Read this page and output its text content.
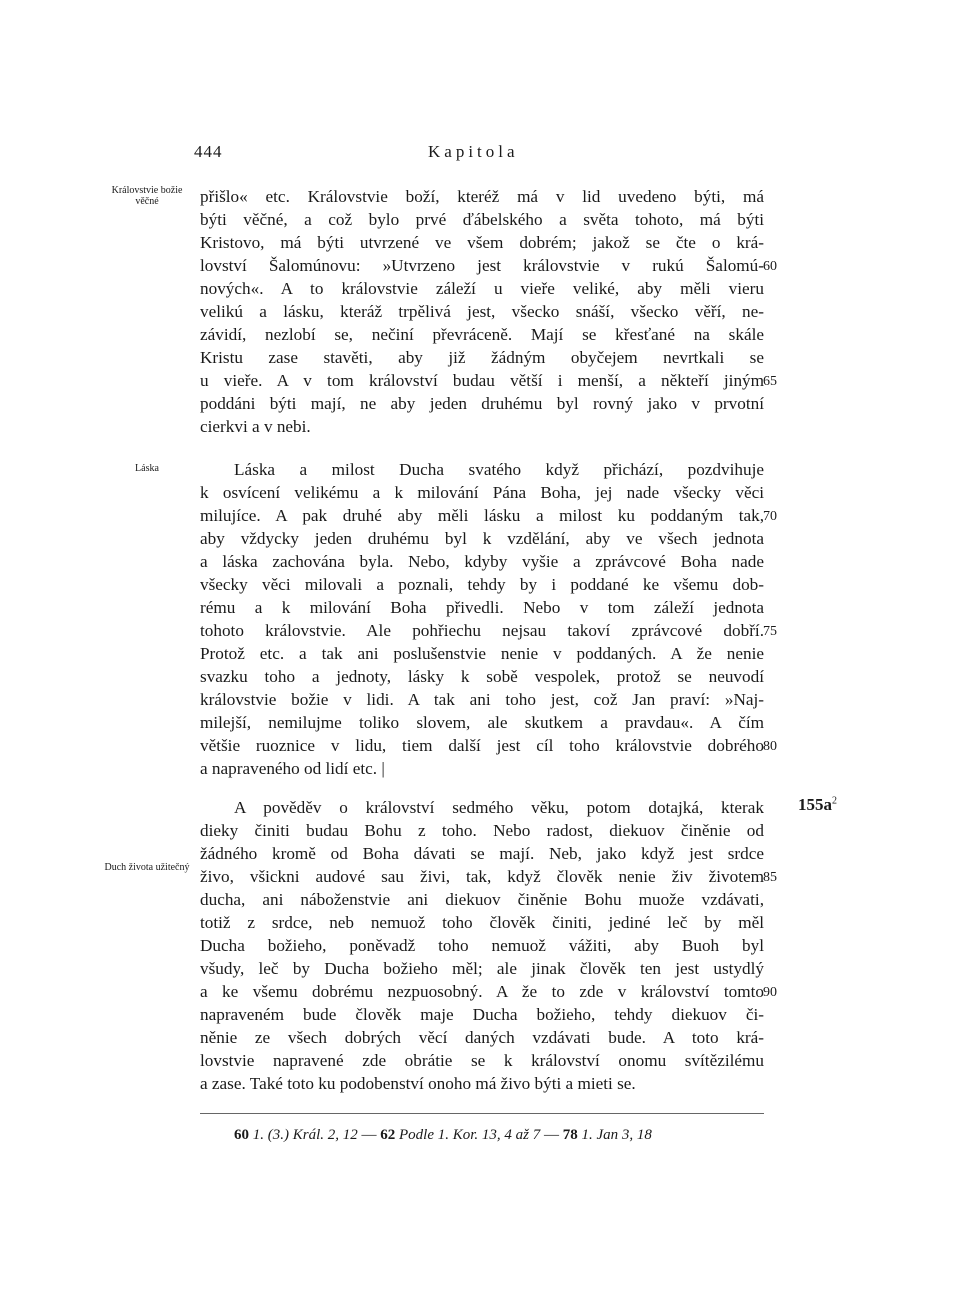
444	Kapitola
Královstvie božie věčné
Láska
Duch života užitečný
$155a^2$
přišlo« etc. Královstvie boží, kteréž má v lid uvedeno býti, má
býti věčné, a což bylo prvé ďábelského a světa tohoto, má býti
Kristovo, má býti utvrzené ve všem dobrém; jakož se čte o krá-
lovství Šalomúnovu: »Utvrzeno jest královstvie v rukú Šalomú-
nových«. A to královstvie záleží u vieře veliké, aby měli vieru
velikú a lásku, kteráž trpělivá jest, všecko snáší, všecko věří, ne-
závidí, nezlobí se, nečiní převráceně. Mají se křesťané na skále
Kristu zase stavěti, aby již žádným obyčejem nevrtkali se
u vieře. A v tom království budau větší i menší, a někteří jiným
poddáni býti mají, ne aby jeden druhému byl rovný jako v prvotní
cierkvi a v nebi.
Láska a milost Ducha svatého když přichází, pozdvihuje
k osvícení velikému a k milování Pána Boha, jej nade všecky věci
milujíce. A pak druhé aby měli lásku a milost ku poddaným tak,
aby vždycky jeden druhému byl k vzdělání, aby ve všech jednota
a láska zachována byla. Nebo, kdyby vyšie a zprávcové Boha nade
všecky věci milovali a poznali, tehdy by i poddané ke všemu dob-
rému a k milování Boha přivedli. Nebo v tom záleží jednota
tohoto královstvie. Ale pohřiechu nejsau takoví zprávcové dobří.
Protož etc. a tak ani poslušenstvie nenie v poddaných. A že nenie
svazku toho a jednoty, lásky k sobě vespolek, protož se neuvodí
královstvie božie v lidi. A tak ani toho jest, což Jan praví: »Naj-
milejší, nemilujme toliko slovem, ale skutkem a pravdau«. A čím
většie ruoznice v lidu, tiem další jest cíl toho královstvie dobrého
a napraveného od lidí etc. |
A pověděv o království sedmého věku, potom dotajká, kterak
dieky činiti budau Bohu z toho. Nebo radost, diekuov činěnie od
žádného kromě od Boha dávati se mají. Neb, jako když jest srdce
živo, všickni audové sau živi, tak, když člověk nenie živ životem
ducha, ani náboženstvie ani diekuov činěnie Bohu muože vzdávati,
totiž z srdce, neb nemuož toho člověk činiti, jediné leč by měl
Ducha božieho, poněvadž toho nemuož vážiti, aby Buoh byl
všudy, leč by Ducha božieho měl; ale jinak člověk ten jest ustydlý
a ke všemu dobrému nezpuosobný. A že to zde v království tomto
napraveném bude člověk maje Ducha božieho, tehdy diekuov či-
něnie ze všech dobrých věcí daných vzdávati bude. A toto krá-
lovstvie napravené zde obrátie se k království onomu svítězilému
a zase. Také toto ku podobenství onoho má živo býti a mieti se.
60
65
70
75
80
85
90
60 1. (3.) Král. 2, 12 — 62 Podle 1. Kor. 13, 4 až 7 — 78 1. Jan 3, 18
